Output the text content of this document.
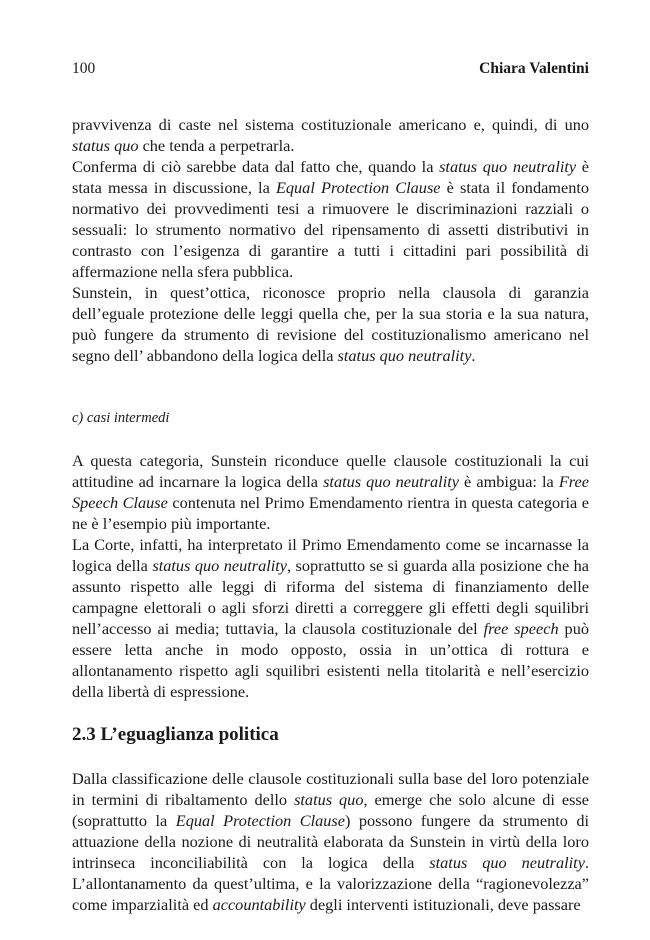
100	Chiara Valentini

pravvivenza di caste nel sistema costituzionale americano e, quindi, di uno status quo che tenda a perpetrarla.

Conferma di ciò sarebbe data dal fatto che, quando la status quo neutrality è stata messa in discussione, la Equal Protection Clause è stata il fondamento normativo dei provvedimenti tesi a rimuovere le discriminazioni razziali o sessuali: lo strumento normativo del ripensamento di assetti distributivi in contrasto con l’esigenza di garantire a tutti i cittadini pari possibilità di affermazione nella sfera pubblica.

Sunstein, in quest’ottica, riconosce proprio nella clausola di garanzia dell’eguale protezione delle leggi quella che, per la sua storia e la sua natura, può fungere da strumento di revisione del costituzionalismo americano nel segno dell’ abbandono della logica della status quo neutrality.

c) casi intermedi

A questa categoria, Sunstein riconduce quelle clausole costituzionali la cui attitudine ad incarnare la logica della status quo neutrality è ambigua: la Free Speech Clause contenuta nel Primo Emendamento rientra in questa categoria e ne è l’esempio più importante.

La Corte, infatti, ha interpretato il Primo Emendamento come se incarnasse la logica della status quo neutrality, soprattutto se si guarda alla posizione che ha assunto rispetto alle leggi di riforma del sistema di finanziamento delle campagne elettorali o agli sforzi diretti a correggere gli effetti degli squilibri nell’accesso ai media; tuttavia, la clausola costituzionale del free speech può essere letta anche in modo opposto, ossia in un’ottica di rottura e allontanamento rispetto agli squilibri esistenti nella titolarità e nell’esercizio della libertà di espressione.

2.3 L’eguaglianza politica

Dalla classificazione delle clausole costituzionali sulla base del loro potenziale in termini di ribaltamento dello status quo, emerge che solo alcune di esse (soprattutto la Equal Protection Clause) possono fungere da strumento di attuazione della nozione di neutralità elaborata da Sunstein in virtù della loro intrinseca inconciliabilità con la logica della status quo neutrality. L’allontanamento da quest’ultima, e la valorizzazione della “ragionevolezza” come imparzialità ed accountability degli interventi istituzionali, deve passare
